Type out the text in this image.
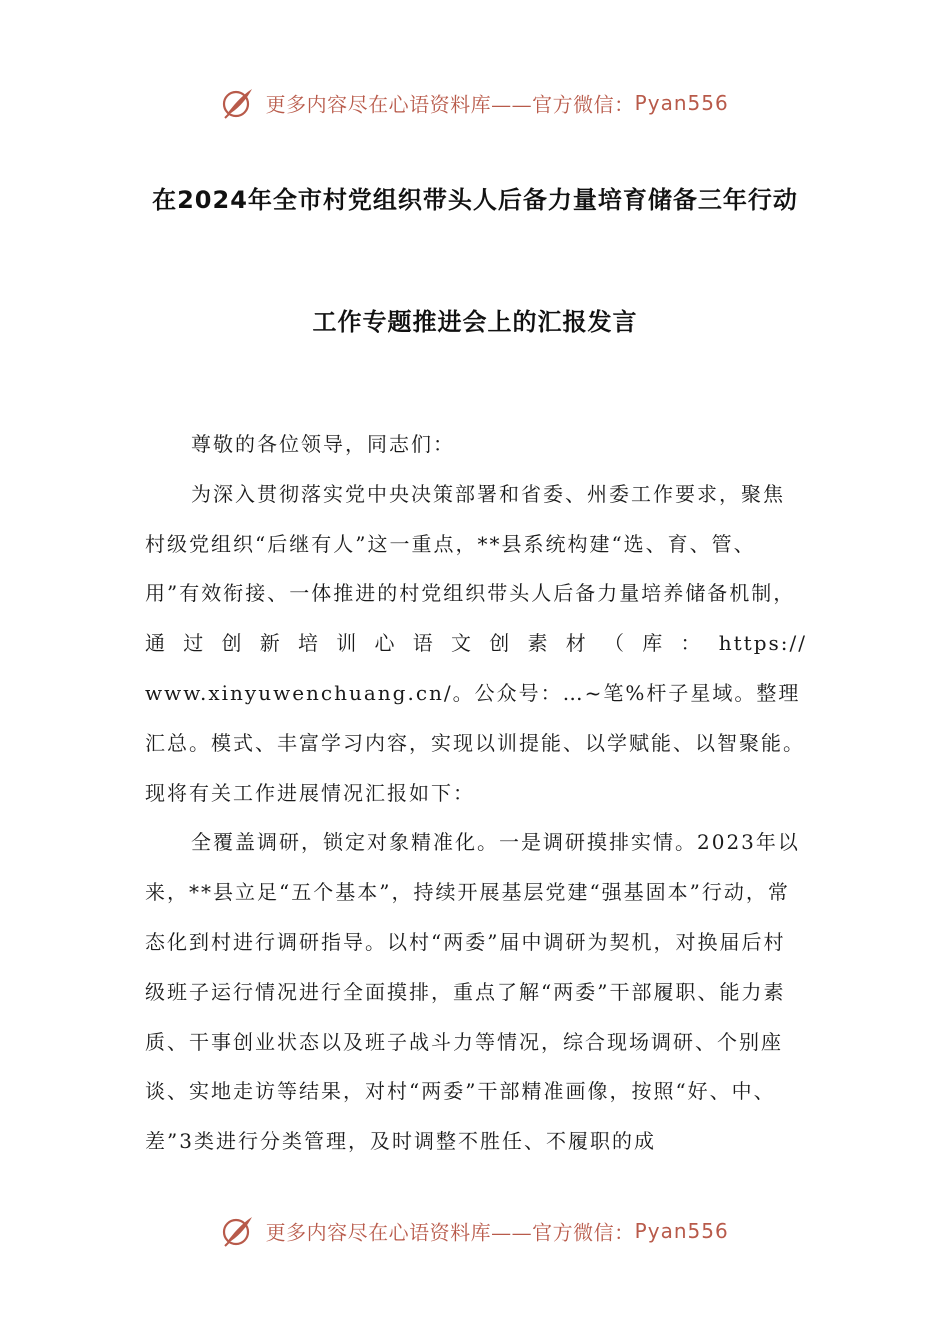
更多内容尽在心语资料库——官方微信：Pyan556
在2024年全市村党组织带头人后备力量培育储备三年行动
工作专题推进会上的汇报发言

尊敬的各位领导，同志们：

为深入贯彻落实党中央决策部署和省委、州委工作要求，聚焦

村级党组织“后继有人”这一重点，**县系统构建“选、育、管、

用”有效衔接、一体推进的村党组织带头人后备力量培养储备机制，

通过创新培训心语文创素材（库：https://

www.xinyuwenchuang.cn/。公众号：…~笔%杆子星域。整理汇总。模式、丰富学习内容，实现以训提能、以学赋能、以智聚能。现将有关工作进展情况汇报如下：

全覆盖调研，锁定对象精准化。一是调研摸排实情。2023年以来，**县立足“五个基本”，持续开展基层党建“强基固本”行动，常态化到村进行调研指导。以村“两委”届中调研为契机，对换届后村级班子运行情况进行全面摸排，重点了解“两委”干部履职、能力素质、干事创业状态以及班子战斗力等情况，综合现场调研、个别座谈、实地走访等结果，对村“两委”干部精准画像，按照“好、中、差”3类进行分类管理，及时调整不胜任、不履职的成

更多内容尽在心语资料库——官方微信：Pyan556
